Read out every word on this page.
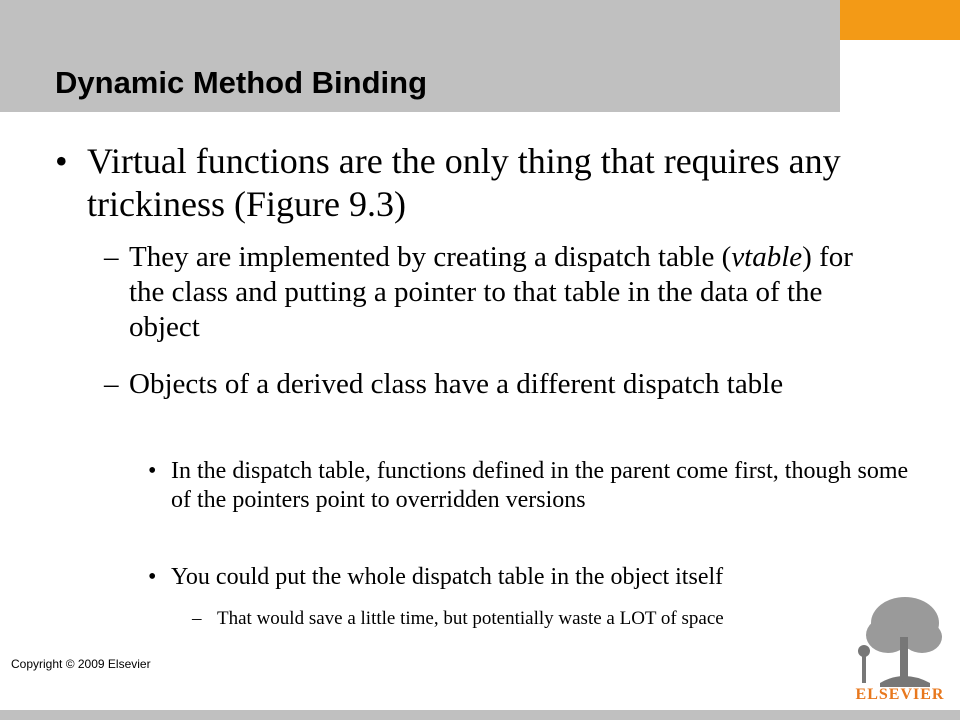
Dynamic Method Binding
• Virtual functions are the only thing that requires any trickiness (Figure 9.3)
– They are implemented by creating a dispatch table (vtable) for the class and putting a pointer to that table in the data of the object
– Objects of a derived class have a different dispatch table
• In the dispatch table, functions defined in the parent come first, though some of the pointers point to overridden versions
• You could put the whole dispatch table in the object itself
– That would save a little time, but potentially waste a LOT of space
Copyright © 2009 Elsevier
ELSEVIER
